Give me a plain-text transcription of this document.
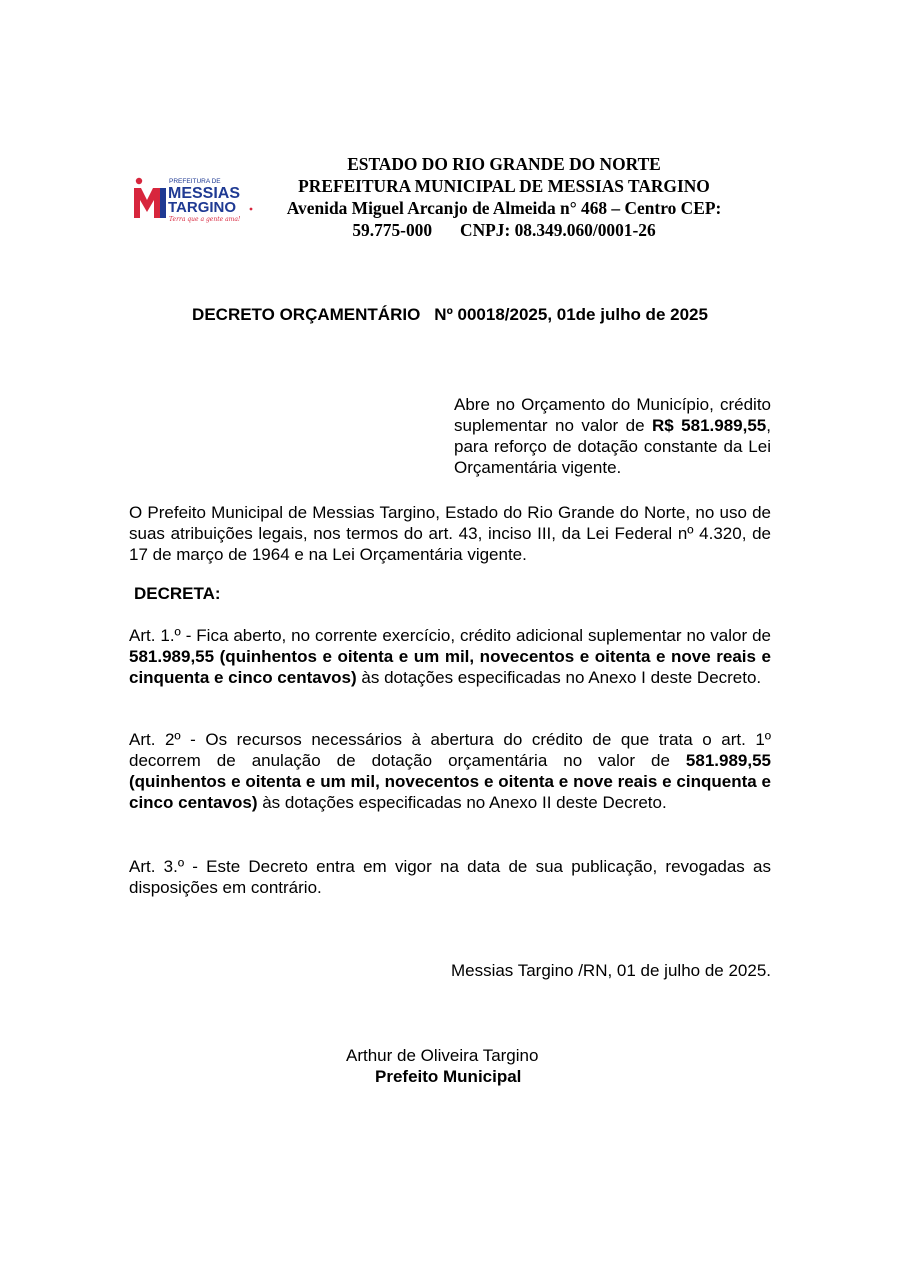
PREFEITURA DE
MESSIAS
TARGINO
Terra que a gente ama!
ESTADO DO RIO GRANDE DO NORTE
PREFEITURA MUNICIPAL DE MESSIAS TARGINO
Avenida Miguel Arcanjo de Almeida n° 468 – Centro CEP:
59.775-000 CNPJ: 08.349.060/0001-26
DECRETO ORÇAMENTÁRIO Nº 00018/2025, 01de julho de 2025
Abre no Orçamento do Município, crédito suplementar no valor de R$ 581.989,55, para reforço de dotação constante da Lei Orçamentária vigente.
O Prefeito Municipal de Messias Targino, Estado do Rio Grande do Norte, no uso de suas atribuições legais, nos termos do art. 43, inciso III, da Lei Federal nº 4.320, de 17 de março de 1964 e na Lei Orçamentária vigente.
DECRETA:
Art. 1.º - Fica aberto, no corrente exercício, crédito adicional suplementar no valor de 581.989,55 (quinhentos e oitenta e um mil, novecentos e oitenta e nove reais e cinquenta e cinco centavos) às dotações especificadas no Anexo I deste Decreto.
Art. 2º - Os recursos necessários à abertura do crédito de que trata o art. 1º decorrem de anulação de dotação orçamentária no valor de 581.989,55 (quinhentos e oitenta e um mil, novecentos e oitenta e nove reais e cinquenta e cinco centavos) às dotações especificadas no Anexo II deste Decreto.
Art. 3.º - Este Decreto entra em vigor na data de sua publicação, revogadas as disposições em contrário.
Messias Targino /RN, 01 de julho de 2025.
Arthur de Oliveira Targino
Prefeito Municipal
